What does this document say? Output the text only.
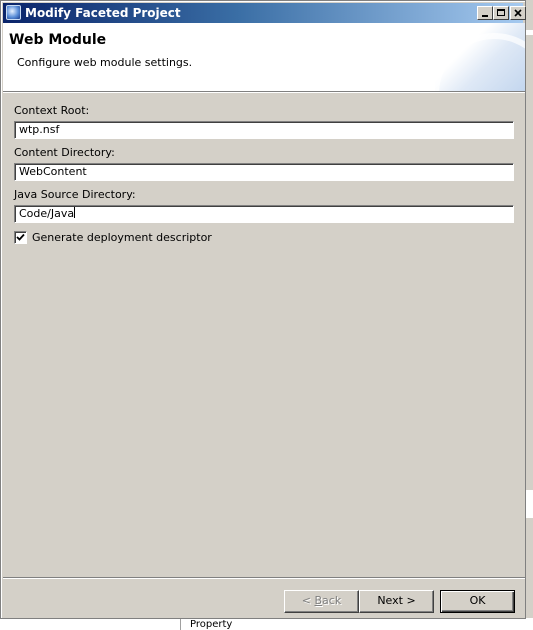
Property
Modify Faceted Project
Web Module
Configure web module settings.
Context Root:
wtp.nsf
Content Directory:
WebContent
Java Source Directory:
Code/Java
Generate deployment descriptor
< Back	Next >	OK
